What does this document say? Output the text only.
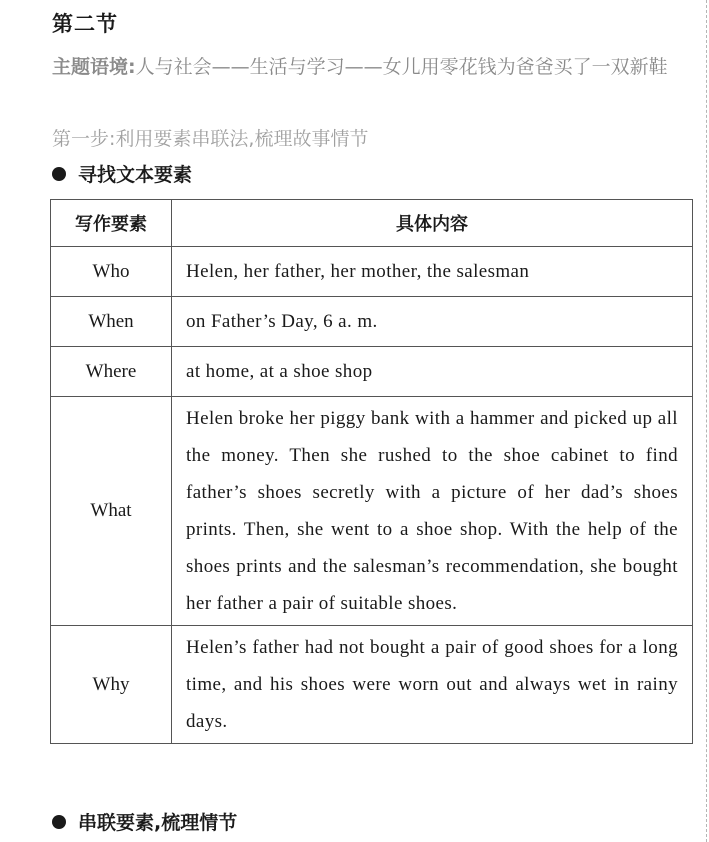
第二节
主题语境:人与社会——生活与学习——女儿用零花钱为爸爸买了一双新鞋
第一步:利用要素串联法,梳理故事情节
寻找文本要素
写作要素	具体内容
Who	Helen, her father, her mother, the salesman
When	on Father’s Day, 6 a. m.
Where	at home, at a shoe shop
What	Helen broke her piggy bank with a hammer and picked up all the money. Then she rushed to the shoe cabinet to find father’s shoes secretly with a picture of her dad’s shoes prints. Then, she went to a shoe shop. With the help of the shoes prints and the salesman’s recommendation, she bought her father a pair of suitable shoes.
Why	Helen’s father had not bought a pair of good shoes for a long time, and his shoes were worn out and always wet in rainy days.
串联要素,梳理情节
